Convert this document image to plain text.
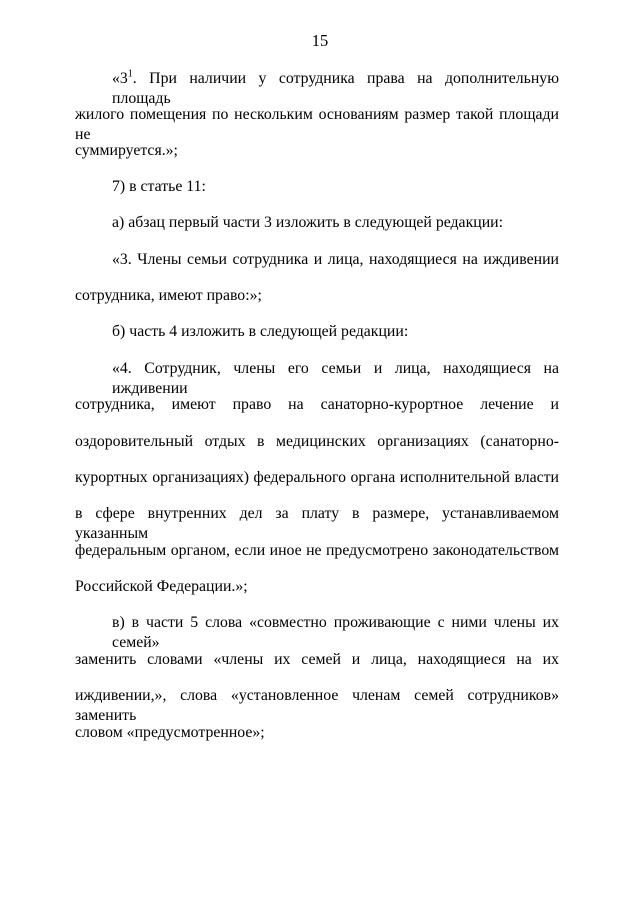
15
«$3^1$. При наличии у сотрудника права на дополнительную площадь
жилого помещения по нескольким основаниям размер такой площади не
суммируется.»;
7) в статье 11:
а) абзац первый части 3 изложить в следующей редакции:
«3. Члены семьи сотрудника и лица, находящиеся на иждивении
сотрудника, имеют право:»;
б) часть 4 изложить в следующей редакции:
«4. Сотрудник, члены его семьи и лица, находящиеся на иждивении
сотрудника, имеют право на санаторно-курортное лечение и
оздоровительный отдых в медицинских организациях (санаторно-
курортных организациях) федерального органа исполнительной власти
в сфере внутренних дел за плату в размере, устанавливаемом указанным
федеральным органом, если иное не предусмотрено законодательством
Российской Федерации.»;
в) в части 5 слова «совместно проживающие с ними члены их семей»
заменить словами «члены их семей и лица, находящиеся на их
иждивении,», слова «установленное членам семей сотрудников» заменить
словом «предусмотренное»;
